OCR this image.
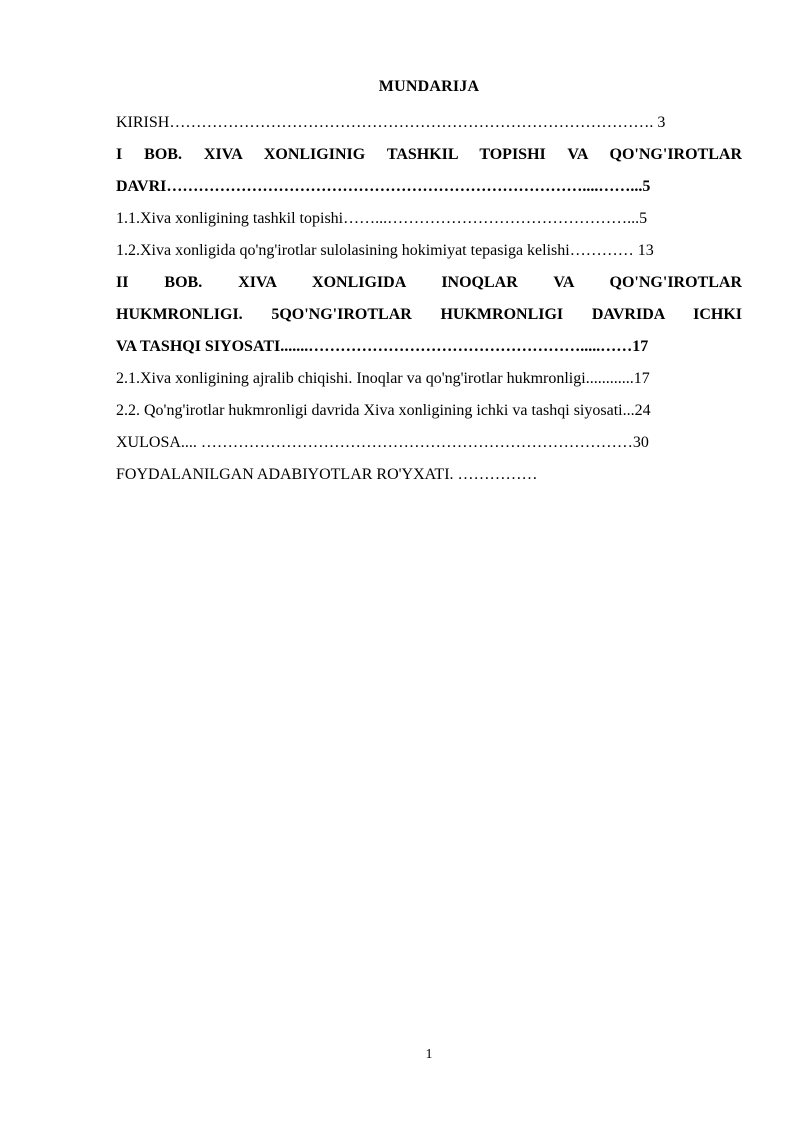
MUNDARIJA
KIRISH………………………………………………………………………………. 3
I BOB. XIVA XONLIGINIG TASHKIL TOPISHI VA QO'NG'IROTLAR
DAVRI……………………………………………………………………....……...5
1.1.Xiva xonligining tashkil topishi……...………………………………………...5
1.2.Xiva xonligida qo'ng'irotlar sulolasining hokimiyat tepasiga kelishi………… 13
II BOB. XIVA XONLIGIDA INOQLAR VA QO'NG'IROTLAR
HUKMRONLIGI. 5QO'NG'IROTLAR HUKMRONLIGI DAVRIDA ICHKI
VA TASHQI SIYOSATI.......…………………………………………….....……17
2.1.Xiva xonligining ajralib chiqishi. Inoqlar va qo'ng'irotlar hukmronligi............17
2.2. Qo'ng'irotlar hukmronligi davrida Xiva xonligining ichki va tashqi siyosati...24
XULOSA.... ………………………………………………………………………30
FOYDALANILGAN ADABIYOTLAR RO'YXATI. ……………
1
